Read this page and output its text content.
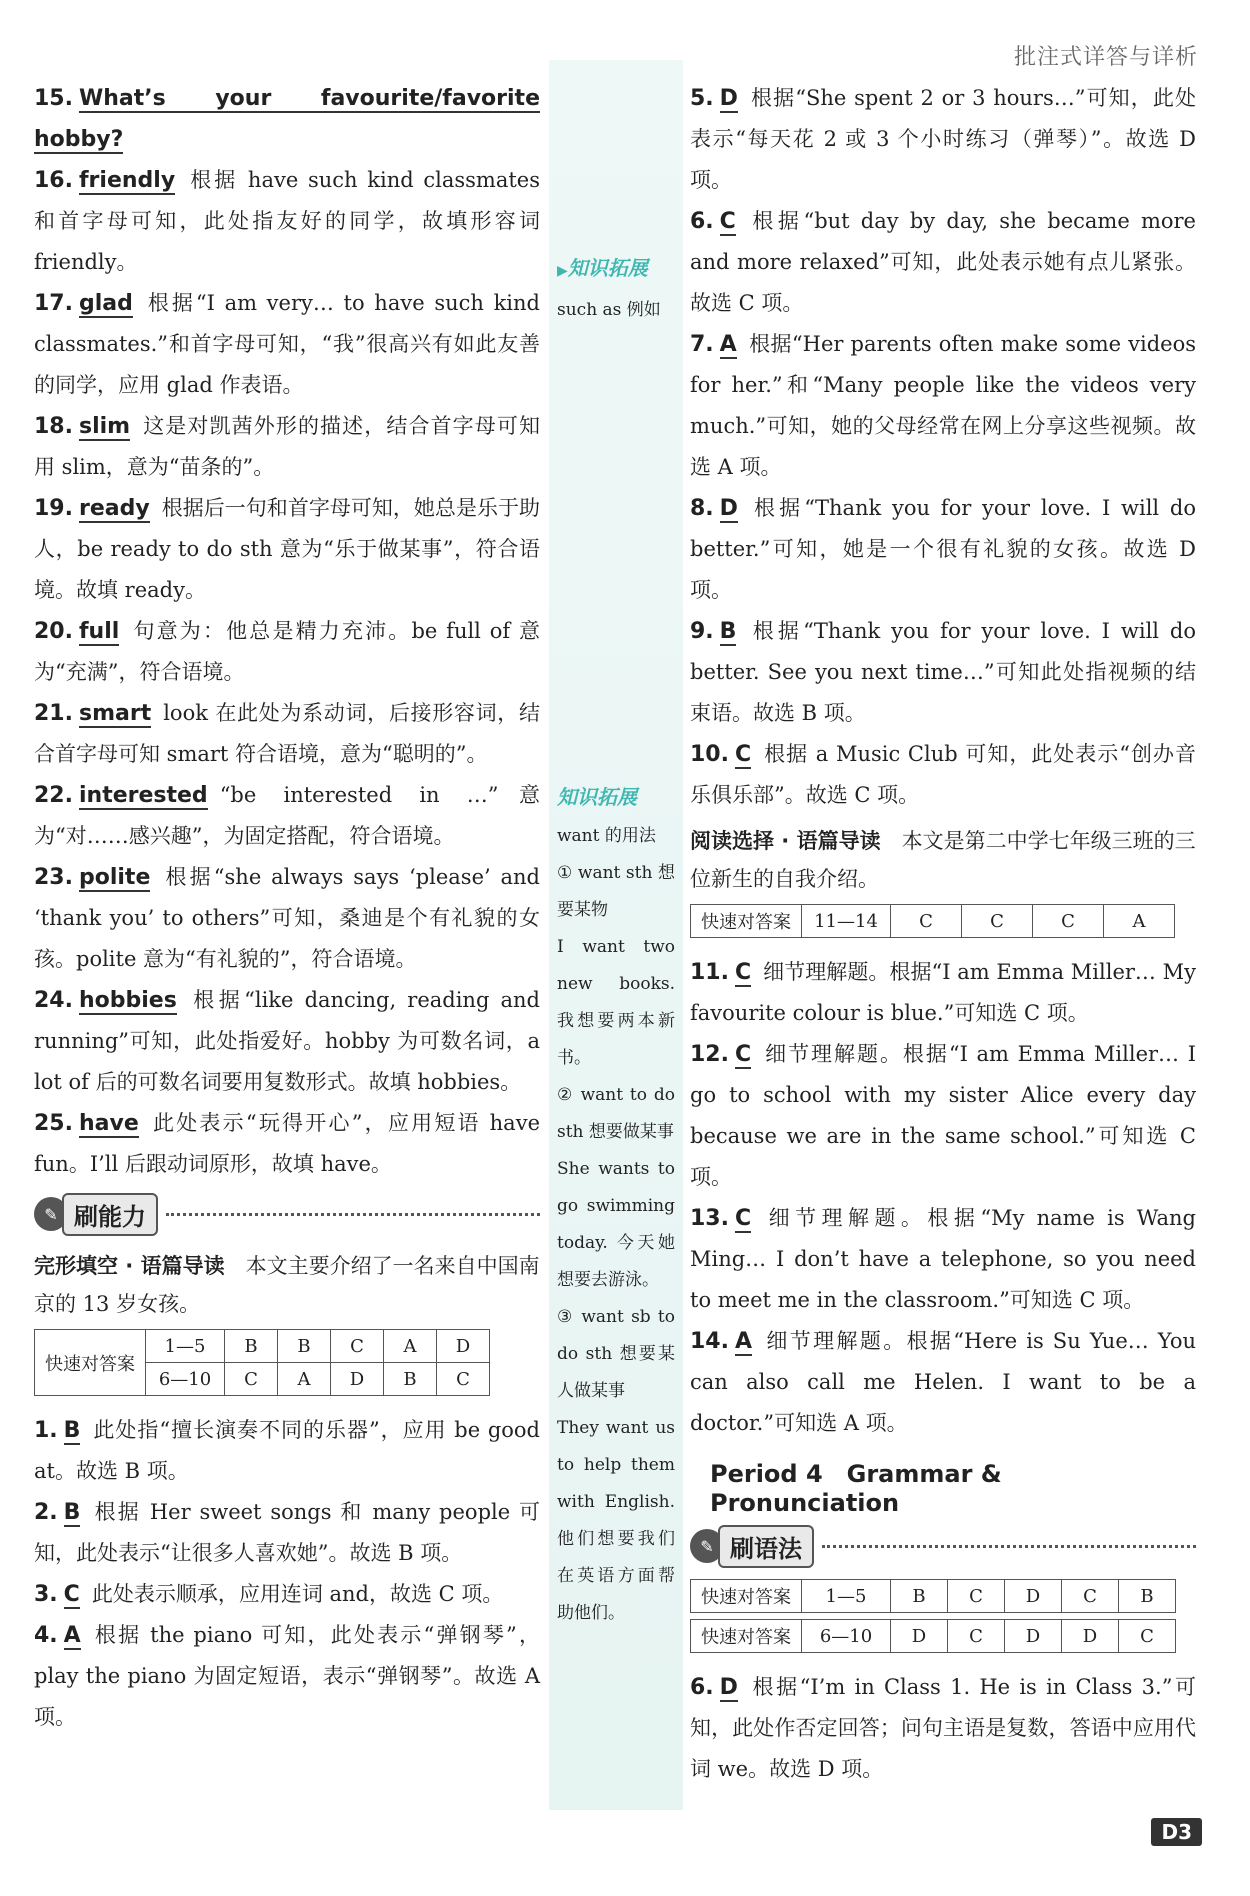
批注式详答与详析

15. What’s your favourite/favorite hobby?

16. friendly 根据 have such kind classmates 和首字母可知，此处指友好的同学，故填形容词 friendly。

17. glad 根据“I am very… to have such kind classmates.”和首字母可知，“我”很高兴有如此友善的同学，应用 glad 作表语。

18. slim 这是对凯茜外形的描述，结合首字母可知用 slim，意为“苗条的”。

19. ready 根据后一句和首字母可知，她总是乐于助人，be ready to do sth 意为“乐于做某事”，符合语境。故填 ready。

20. full 句意为：他总是精力充沛。be full of 意为“充满”，符合语境。

21. smart look 在此处为系动词，后接形容词，结合首字母可知 smart 符合语境，意为“聪明的”。

22. interested “be interested in …”意为“对……感兴趣”，为固定搭配，符合语境。

23. polite 根据“she always says ‘please’ and ‘thank you’ to others”可知，桑迪是个有礼貌的女孩。polite 意为“有礼貌的”，符合语境。

24. hobbies 根据“like dancing, reading and running”可知，此处指爱好。hobby 为可数名词，a lot of 后的可数名词要用复数形式。故填 hobbies。

25. have 此处表示“玩得开心”，应用短语 have fun。I’ll 后跟动词原形，故填 have。

✎ 刷能力

完形填空 · 语篇导读　 本文主要介绍了一名来自中国南京的 13 岁女孩。

快速对答案	1—5	B	B	C	A	D
	6—10	C	A	D	B	C

1. B 此处指“擅长演奏不同的乐器”，应用 be good at。故选 B 项。

2. B 根据 Her sweet songs 和 many people 可知，此处表示“让很多人喜欢她”。故选 B 项。

3. C 此处表示顺承，应用连词 and，故选 C 项。

4. A 根据 the piano 可知，此处表示“弹钢琴”，play the piano 为固定短语，表示“弹钢琴”。故选 A 项。

▶知识拓展
such as 例如
知识拓展
want 的用法
① want sth 想要某物
I want two new books. 我想要两本新书。
② want to do sth 想要做某事
She wants to go swimming today. 今天她想要去游泳。
③ want sb to do sth 想要某人做某事
They want us to help them with English. 他们想要我们在英语方面帮助他们。

5. D 根据“She spent 2 or 3 hours…”可知，此处表示“每天花 2 或 3 个小时练习（弹琴）”。故选 D 项。

6. C 根据“but day by day, she became more and more relaxed”可知，此处表示她有点儿紧张。故选 C 项。

7. A 根据“Her parents often make some videos for her.”和“Many people like the videos very much.”可知，她的父母经常在网上分享这些视频。故选 A 项。

8. D 根据“Thank you for your love. I will do better.”可知，她是一个很有礼貌的女孩。故选 D 项。

9. B 根据“Thank you for your love. I will do better. See you next time…”可知此处指视频的结束语。故选 B 项。

10. C 根据 a Music Club 可知，此处表示“创办音乐俱乐部”。故选 C 项。

阅读选择 · 语篇导读　 本文是第二中学七年级三班的三位新生的自我介绍。

快速对答案	11—14	C	C	C	A

11. C 细节理解题。根据“I am Emma Miller… My favourite colour is blue.”可知选 C 项。

12. C 细节理解题。根据“I am Emma Miller… I go to school with my sister Alice every day because we are in the same school.”可知选 C 项。

13. C 细节理解题。根据“My name is Wang Ming… I don’t have a telephone, so you need to meet me in the classroom.”可知选 C 项。

14. A 细节理解题。根据“Here is Su Yue… You can also call me Helen. I want to be a doctor.”可知选 A 项。

Period 4　Grammar & Pronunciation
✎ 刷语法
快速对答案	1—5	B	C	D	C	B
快速对答案	6—10	D	C	D	D	C

6. D 根据“I’m in Class 1. He is in Class 3.”可知，此处作否定回答；问句主语是复数，答语中应用代词 we。故选 D 项。

D3
